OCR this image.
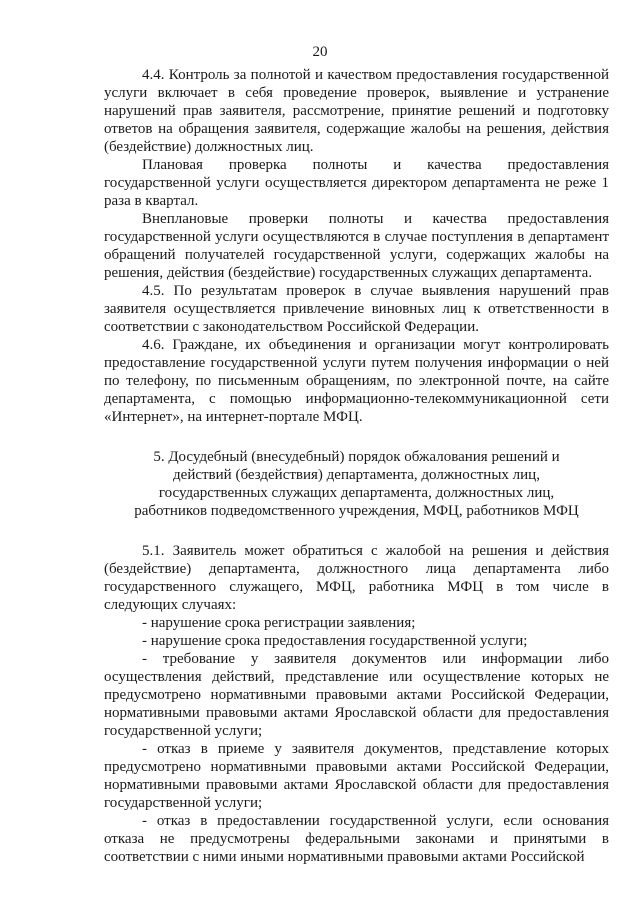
20

4.4. Контроль за полнотой и качеством предоставления государственной услуги включает в себя проведение проверок, выявление и устранение нарушений прав заявителя, рассмотрение, принятие решений и подготовку ответов на обращения заявителя, содержащие жалобы на решения, действия (бездействие) должностных лиц.

Плановая проверка полноты и качества предоставления государственной услуги осуществляется директором департамента не реже 1 раза в квартал.

Внеплановые проверки полноты и качества предоставления государственной услуги осуществляются в случае поступления в департамент обращений получателей государственной услуги, содержащих жалобы на решения, действия (бездействие) государственных служащих департамента.

4.5. По результатам проверок в случае выявления нарушений прав заявителя осуществляется привлечение виновных лиц к ответственности в соответствии с законодательством Российской Федерации.

4.6. Граждане, их объединения и организации могут контролировать предоставление государственной услуги путем получения информации о ней по телефону, по письменным обращениям, по электронной почте, на сайте департамента, с помощью информационно-телекоммуникационной сети «Интернет», на интернет-портале МФЦ.

5. Досудебный (внесудебный) порядок обжалования решений и действий (бездействия) департамента, должностных лиц, государственных служащих департамента, должностных лиц, работников подведомственного учреждения, МФЦ, работников МФЦ

5.1. Заявитель может обратиться с жалобой на решения и действия (бездействие) департамента, должностного лица департамента либо государственного служащего, МФЦ, работника МФЦ в том числе в следующих случаях:

- нарушение срока регистрации заявления;

- нарушение срока предоставления государственной услуги;

- требование у заявителя документов или информации либо осуществления действий, представление или осуществление которых не предусмотрено нормативными правовыми актами Российской Федерации, нормативными правовыми актами Ярославской области для предоставления государственной услуги;

- отказ в приеме у заявителя документов, представление которых предусмотрено нормативными правовыми актами Российской Федерации, нормативными правовыми актами Ярославской области для предоставления государственной услуги;

- отказ в предоставлении государственной услуги, если основания отказа не предусмотрены федеральными законами и принятыми в соответствии с ними иными нормативными правовыми актами Российской
